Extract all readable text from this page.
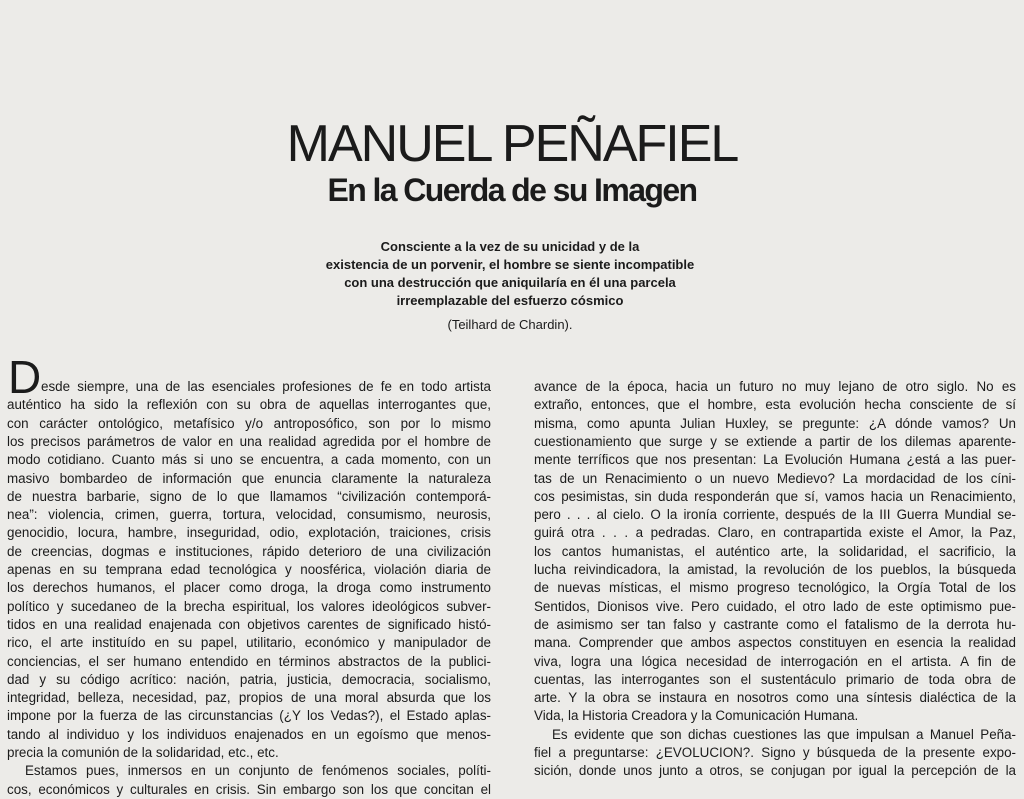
MANUEL PEÑAFIEL
En la Cuerda de su Imagen
Consciente a la vez de su unicidad y de la
existencia de un porvenir, el hombre se siente incompatible
con una destrucción que aniquilaría en él una parcela
irreemplazable del esfuerzo cósmico
(Teilhard de Chardin).
D esde siempre, una de las esenciales profesiones de fe en todo artista
auténtico ha sido la reflexión con su obra de aquellas interrogantes que,
con carácter ontológico, metafísico y/o antroposófico, son por lo mismo
los precisos parámetros de valor en una realidad agredida por el hombre de
modo cotidiano. Cuanto más si uno se encuentra, a cada momento, con un
masivo bombardeo de información que enuncia claramente la naturaleza
de nuestra barbarie, signo de lo que llamamos “civilización contemporá-
nea”: violencia, crimen, guerra, tortura, velocidad, consumismo, neurosis,
genocidio, locura, hambre, inseguridad, odio, explotación, traiciones, crisis
de creencias, dogmas e instituciones, rápido deterioro de una civilización
apenas en su temprana edad tecnológica y noosférica, violación diaria de
los derechos humanos, el placer como droga, la droga como instrumento
político y sucedaneo de la brecha espiritual, los valores ideológicos subver-
tidos en una realidad enajenada con objetivos carentes de significado histó-
rico, el arte instituído en su papel, utilitario, económico y manipulador de
conciencias, el ser humano entendido en términos abstractos de la publici-
dad y su código acrítico: nación, patria, justicia, democracia, socialismo,
integridad, belleza, necesidad, paz, propios de una moral absurda que los
impone por la fuerza de las circunstancias (¿Y los Vedas?), el Estado aplas-
tando al individuo y los individuos enajenados en un egoísmo que menos-
precia la comunión de la solidaridad, etc., etc.
Estamos pues, inmersos en un conjunto de fenómenos sociales, políti-
cos, económicos y culturales en crisis. Sin embargo son los que concitan el
avance de la época, hacia un futuro no muy lejano de otro siglo. No es
extraño, entonces, que el hombre, esta evolución hecha consciente de sí
misma, como apunta Julian Huxley, se pregunte: ¿A dónde vamos? Un
cuestionamiento que surge y se extiende a partir de los dilemas aparente-
mente terríficos que nos presentan: La Evolución Humana ¿está a las puer-
tas de un Renacimiento o un nuevo Medievo? La mordacidad de los cíni-
cos pesimistas, sin duda responderán que sí, vamos hacia un Renacimiento,
pero . . . al cielo. O la ironía corriente, después de la III Guerra Mundial se-
guirá otra . . . a pedradas. Claro, en contrapartida existe el Amor, la Paz,
los cantos humanistas, el auténtico arte, la solidaridad, el sacrificio, la
lucha reivindicadora, la amistad, la revolución de los pueblos, la búsqueda
de nuevas místicas, el mismo progreso tecnológico, la Orgía Total de los
Sentidos, Dionisos vive. Pero cuidado, el otro lado de este optimismo pue-
de asimismo ser tan falso y castrante como el fatalismo de la derrota hu-
mana. Comprender que ambos aspectos constituyen en esencia la realidad
viva, logra una lógica necesidad de interrogación en el artista. A fin de
cuentas, las interrogantes son el sustentáculo primario de toda obra de
arte. Y la obra se instaura en nosotros como una síntesis dialéctica de la
Vida, la Historia Creadora y la Comunicación Humana.
Es evidente que son dichas cuestiones las que impulsan a Manuel Peña-
fiel a preguntarse: ¿EVOLUCION?. Signo y búsqueda de la presente expo-
sición, donde unos junto a otros, se conjugan por igual la percepción de la
